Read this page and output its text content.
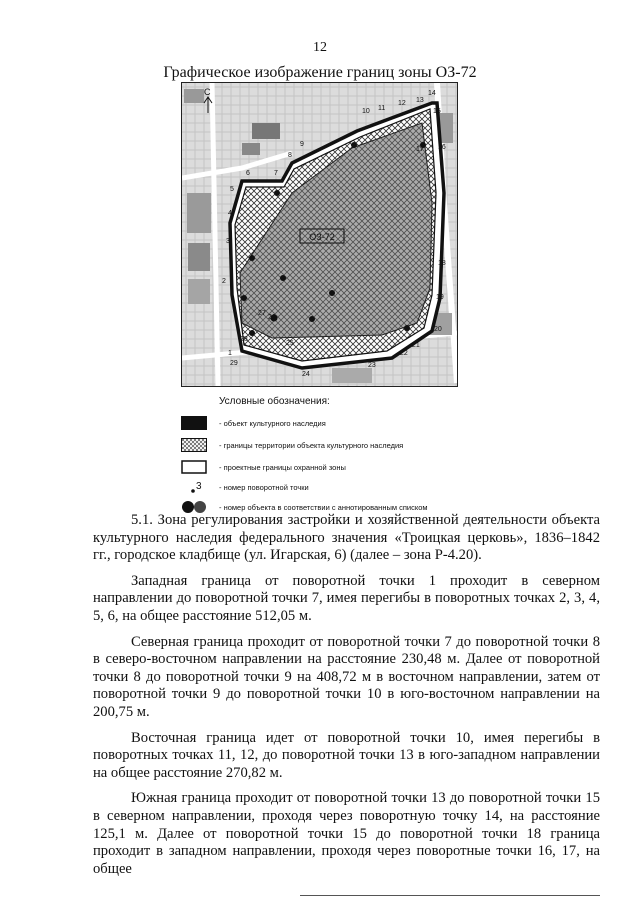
12
Графическое изображение границ зоны ОЗ-72
ОЗ-72
С
1
2
3
4
5
6	7
8
9
10 11
12 13
14
15
16
17
18
19
20
21
22
23
24
25
26
27
28
29
Условные обозначения:
- объект культурного наследия
- границы территории объекта культурного наследия
- проектные границы охранной зоны
3 - номер поворотной точки
- номер объекта в соответствии с аннотированным списком

5.1. Зона регулирования застройки и хозяйственной деятельности объекта культурного наследия федерального значения «Троицкая церковь», 1836–1842 гг., городское кладбище (ул. Игарская, 6) (далее – зона Р-4.20).

Западная граница от поворотной точки 1 проходит в северном направлении до поворотной точки 7, имея перегибы в поворотных точках 2, 3, 4, 5, 6, на общее расстояние 512,05 м.

Северная граница проходит от поворотной точки 7 до поворотной точки 8 в северо-восточном направлении на расстояние 230,48 м. Далее от поворотной точки 8 до поворотной точки 9 на 408,72 м в восточном направлении, затем от поворотной точки 9 до поворотной точки 10 в юго-восточном направлении на 200,75 м.

Восточная граница идет от поворотной точки 10, имея перегибы в поворотных точках 11, 12, до поворотной точки 13 в юго-западном направлении на общее расстояние 270,82 м.

Южная граница проходит от поворотной точки 13 до поворотной точки 15 в северном направлении, проходя через поворотную точку 14, на расстояние 125,1 м. Далее от поворотной точки 15 до поворотной точки 18 граница проходит в западном направлении, проходя через поворотные точки 16, 17, на общее
